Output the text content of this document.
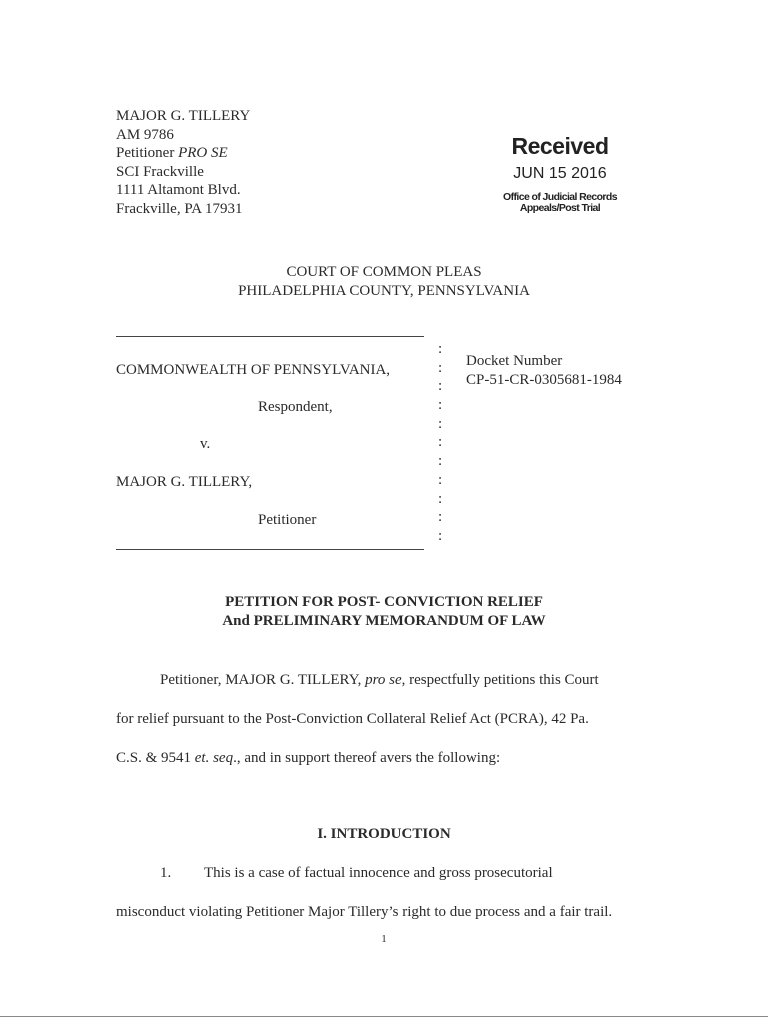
MAJOR G. TILLERY
AM 9786
Petitioner PRO SE
SCI Frackville
1111 Altamont Blvd.
Frackville, PA 17931
Received
JUN 15 2016
Office of Judicial Records
Appeals/Post Trial
COURT OF COMMON PLEAS
PHILADELPHIA COUNTY, PENNSYLVANIA
COMMONWEALTH OF PENNSYLVANIA,
Respondent,
v.
MAJOR G. TILLERY,
Petitioner
:
:
:
:
:
:
:
:
:
:
:
Docket Number
CP-51-CR-0305681-1984
PETITION FOR POST- CONVICTION RELIEF
And PRELIMINARY MEMORANDUM OF LAW
Petitioner, MAJOR G. TILLERY, pro se, respectfully petitions this Court
for relief pursuant to the Post-Conviction Collateral Relief Act (PCRA), 42 Pa.
C.S. & 9541 et. seq., and in support thereof avers the following:
I. INTRODUCTION
1. This is a case of factual innocence and gross prosecutorial
misconduct violating Petitioner Major Tillery’s right to due process and a fair trail.
1
